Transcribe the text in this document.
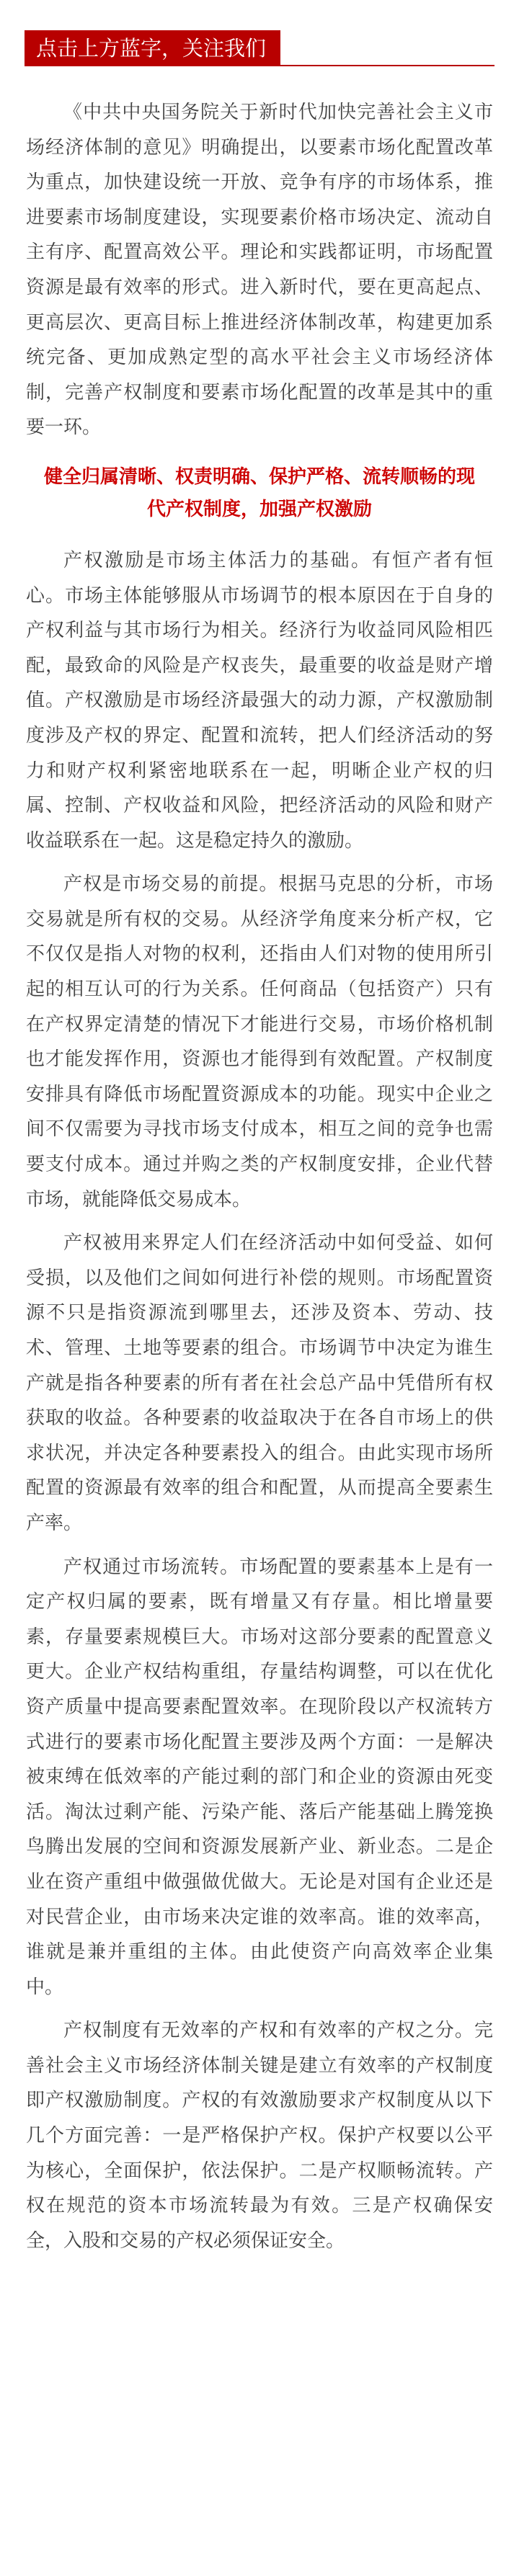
点击上方蓝字，关注我们

《中共中央国务院关于新时代加快完善社会主义市场经济体制的意见》明确提出，以要素市场化配置改革为重点，加快建设统一开放、竞争有序的市场体系，推进要素市场制度建设，实现要素价格市场决定、流动自主有序、配置高效公平。理论和实践都证明，市场配置资源是最有效率的形式。进入新时代，要在更高起点、更高层次、更高目标上推进经济体制改革，构建更加系统完备、更加成熟定型的高水平社会主义市场经济体制，完善产权制度和要素市场化配置的改革是其中的重要一环。

健全归属清晰、权责明确、保护严格、流转顺畅的现代产权制度，加强产权激励

产权激励是市场主体活力的基础。有恒产者有恒心。市场主体能够服从市场调节的根本原因在于自身的产权利益与其市场行为相关。经济行为收益同风险相匹配，最致命的风险是产权丧失，最重要的收益是财产增值。产权激励是市场经济最强大的动力源，产权激励制度涉及产权的界定、配置和流转，把人们经济活动的努力和财产权利紧密地联系在一起，明晰企业产权的归属、控制、产权收益和风险，把经济活动的风险和财产收益联系在一起。这是稳定持久的激励。

产权是市场交易的前提。根据马克思的分析，市场交易就是所有权的交易。从经济学角度来分析产权，它不仅仅是指人对物的权利，还指由人们对物的使用所引起的相互认可的行为关系。任何商品（包括资产）只有在产权界定清楚的情况下才能进行交易，市场价格机制也才能发挥作用，资源也才能得到有效配置。产权制度安排具有降低市场配置资源成本的功能。现实中企业之间不仅需要为寻找市场支付成本，相互之间的竞争也需要支付成本。通过并购之类的产权制度安排，企业代替市场，就能降低交易成本。

产权被用来界定人们在经济活动中如何受益、如何受损，以及他们之间如何进行补偿的规则。市场配置资源不只是指资源流到哪里去，还涉及资本、劳动、技术、管理、土地等要素的组合。市场调节中决定为谁生产就是指各种要素的所有者在社会总产品中凭借所有权获取的收益。各种要素的收益取决于在各自市场上的供求状况，并决定各种要素投入的组合。由此实现市场所配置的资源最有效率的组合和配置，从而提高全要素生产率。

产权通过市场流转。市场配置的要素基本上是有一定产权归属的要素，既有增量又有存量。相比增量要素，存量要素规模巨大。市场对这部分要素的配置意义更大。企业产权结构重组，存量结构调整，可以在优化资产质量中提高要素配置效率。在现阶段以产权流转方式进行的要素市场化配置主要涉及两个方面：一是解决被束缚在低效率的产能过剩的部门和企业的资源由死变活。淘汰过剩产能、污染产能、落后产能基础上腾笼换鸟腾出发展的空间和资源发展新产业、新业态。二是企业在资产重组中做强做优做大。无论是对国有企业还是对民营企业，由市场来决定谁的效率高。谁的效率高，谁就是兼并重组的主体。由此使资产向高效率企业集中。

产权制度有无效率的产权和有效率的产权之分。完善社会主义市场经济体制关键是建立有效率的产权制度即产权激励制度。产权的有效激励要求产权制度从以下几个方面完善：一是严格保护产权。保护产权要以公平为核心，全面保护，依法保护。二是产权顺畅流转。产权在规范的资本市场流转最为有效。三是产权确保安全，入股和交易的产权必须保证安全。
